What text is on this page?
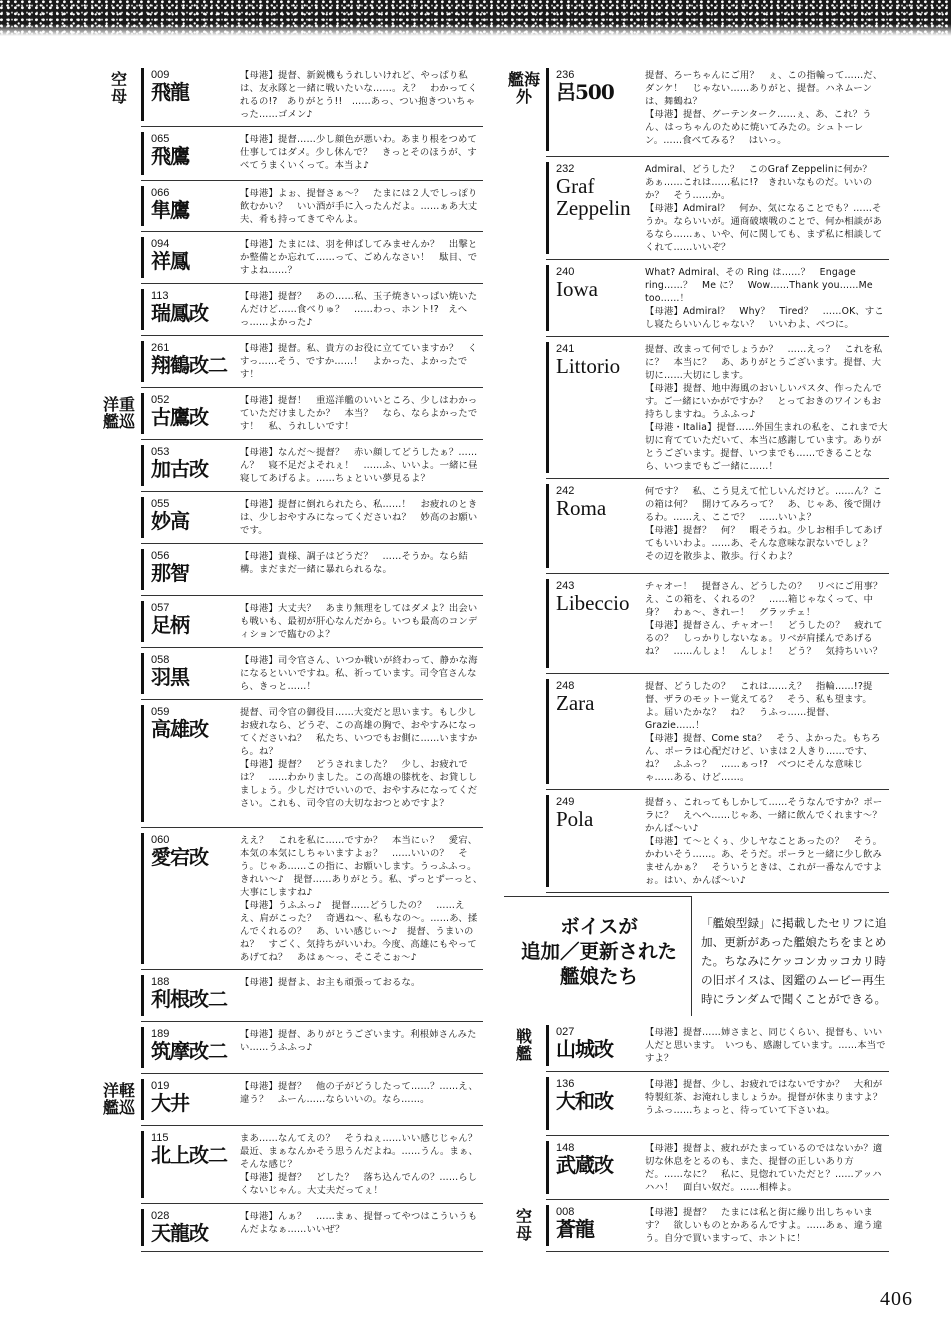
空
母
009
飛龍
【母港】提督、新鋭機もうれしいけれど、やっぱり私は、友永隊と一緒に戦いたいな……。え？　わかってくれるの!?　ありがとう!!　……あっ、つい抱きついちゃった……ゴメン♪
065
飛鷹
【母港】提督……少し顔色が悪いわ。あまり根をつめて仕事してはダメ。少し休んで？　きっとそのほうが、すべてうまくいくって。本当よ♪
066
隼鷹
【母港】よぉ、提督さぁ～？　たまには２人でしっぽり飲むかい？　いい酒が手に入ったんだよ。……ぁあ大丈夫、肴も持ってきてやんよ。
094
祥鳳
【母港】たまには、羽を伸ばしてみませんか？　出撃とか整備とか忘れて……って、ごめんなさい！　駄目、ですよね……？
113
瑞鳳改
【母港】提督？　あの……私、玉子焼きいっぱい焼いたんだけど……食べりゅ？　……わっ、ホント!?　えへっ……よかった♪
261
翔鶴改二
【母港】提督。私、貴方のお役に立てていますか？　くすっ……そう、ですか……！　よかった、よかったです！
洋重
艦巡
052
古鷹改
【母港】提督！　重巡洋艦のいいところ、少しはわかっていただけましたか？　本当？　なら、ならよかったです！　私、うれしいです！
053
加古改
【母港】なんだ～提督？　赤い顔してどうしたぁ？……ん？　寝不足だよそれぇ！　……ふ、いいよ。一緒に昼寝してあげるよ。……ちょといい夢見るよ？
055
妙高
【母港】提督に倒れられたら、私……！　お疲れのときは、少しおやすみになってくださいね？　妙高のお願いです。
056
那智
【母港】貴様、調子はどうだ？　……そうか。なら結構。まだまだ一緒に暴れられるな。
057
足柄
【母港】大丈夫？　あまり無理をしてはダメよ？出会いも戦いも、最初が肝心なんだから。いつも最高のコンディションで臨むのよ？
058
羽黒
【母港】司令官さん、いつか戦いが終わって、静かな海になるといいですね。私、祈っています。司令官さんなら、きっと……！
059
高雄改
提督、司令官の御役目……大変だと思います。もし少しお疲れなら、どうぞ、この高雄の胸で、おやすみになってくださいね？　私たち、いつでもお側に……いますから。ね？
【母港】提督？　どうされました？　少し、お疲れでは？　……わかりました。この高雄の膝枕を、お貸ししましょう。少しだけでいいので、おやすみになってください。これも、司令官の大切なおつとめですよ？
060
愛宕改
ええ？　これを私に……ですか？　本当にぃ？　愛宕、本気の本気にしちゃいますよぉ？　……いいの？　そう。じゃあ……この指に、お願いします。うっふふっ。きれい～♪　提督……ありがとう。私、ずっとずーっと、大事にしますね♪
【母港】うふふっ♪　提督……どうしたの？　……ええ、肩がこった？　奇遇ね～、私もなの～。……あ、揉んでくれるの？　あ、いい感じぃ～♪　提督、うまいのね？　すごく、気持ちがいいわ。今度、高雄にもやってあげてね？　あはぁ～っ、そこそこぉ～♪
188
利根改二
【母港】提督よ、お主も頑張っておるな。
189
筑摩改二
【母港】提督、ありがとうございます。利根姉さんみたい……うふふっ♪
洋軽
艦巡
019
大井
【母港】提督？　他の子がどうしたって……？……え、違う？　ふーん……ならいいの。なら……。
115
北上改二
まあ……なんてえの？　そうねぇ……いい感じじゃん？　最近、まぁなんかそう思うんだよね。……うん。まぁ、そんな感じ？
【母港】提督？　どした？　落ち込んでんの？……らしくないじゃん。大丈夫だってぇ！
028
天龍改
【母港】んぁ？　……まぁ、提督ってやつはこういうもんだよなぁ……いいぜ？
艦海
外
236
呂500
提督、ろーちゃんにご用？　ぇ、この指輪って……だ、ダンケ！　じゃない……ありがと、提督。ハネムーンは、舞鶴ね？
【母港】提督、グーテンターク……ぇ、あ、これ？うん、はっちゃんのために焼いてみたの。シュトーレン。……食べてみる？　はいっ。
232
Graf Zeppelin
Admiral、どうした？　このGraf Zeppelinに何か？　あぁ……これは……私に!?　きれいなものだ。いいのか？　そう……か。
【母港】Admiral？　何か、気になることでも？……そうか。ならいいが。通商破壊戦のことで、何か相談があるなら……ぁ、いや、何に関しても、まず私に相談してくれて……いいぞ？
240
Iowa
What? Admiral、その Ring は……？　Engage ring……？　Me に？　Wow……Thank you……Me too……！
【母港】Admiral？　Why？　Tired？　……OK、すこし寝たらいいんじゃない？　いいわよ、べつに。
241
Littorio
提督、改まって何でしょうか？　……えっ？　これを私に？　本当に？　あ、ありがとうございます。提督、大切に……大切にします。
【母港】提督、地中海風のおいしいパスタ、作ったんです。ご一緒にいかがですか？　とっておきのワインもお持ちしますね。うふふっ♪
【母港・Italia】提督……外国生まれの私を、これまで大切に育てていただいて、本当に感謝しています。ありがとうございます。提督、いつまでも……できることなら、いつまでもご一緒に……！
242
Roma
何です？　私、こう見えて忙しいんだけど。……ん？この箱は何？　開けてみろって？　あ、じゃあ、後で開けるわ。……え、ここで？　……いいよ？
【母港】提督？　何？　暇そうね。少しお相手してあげてもいいわよ。……あ、そんな意味な訳ないでしょ？　その辺を散歩よ、散歩。行くわよ？
243
Libeccio
チャオー！　提督さん、どうしたの？　リベにご用事？　え、この箱を、くれるの？　……箱じゃなくって、中身？　わぁ～、きれー！　グラッチェ！
【母港】提督さん、チャオー！　どうしたの？　疲れてるの？　しっかりしないなぁ。リベが肩揉んであげるね？　……んしょ！　んしょ！　どう？　気持ちいい？
248
Zara
提督、どうしたの？　これは……え？　指輪……!?提督、ザラのモットー覚えてる？　そう、私も望ます。よ。届いたかな？　ね？　うふっ……提督、Grazie……！
【母港】提督、Come sta？　そう、よかった。もちろん、ポーラは心配だけど、いまは２人きり……です、ね？　ふふっ？　……ぁっ!?　べつにそんな意味じゃ……ある、けど……。
249
Pola
提督ぅ、これってもしかして……そうなんですか？ポーラに？　えへへ……じゃあ、一緒に飲んでくれます～？　かんぱ～い♪
【母港】て～とくぅ、少しヤなことあったの？　そう。かわいそう……。あ、そうだ。ポーラと一緒に少し飲みませんかぁ？　そういうときは、これが一番なんですよぉ。はい、かんぱ～い♪
戦
艦
027
山城改
【母港】提督……姉さまと、同じくらい、提督も、いい人だと思います。　いつも、感謝しています。……本当ですよ？
136
大和改
【母港】提督、少し、お疲れではないですか？　大和が特製紅茶、お淹れしましょうか。提督が休まりますよ？　うふっ……ちょっと、待っていて下さいね。
148
武蔵改
【母港】提督よ、疲れがたまっているのではないか？適切な休息をとるのも、また、提督の正しいあり方だ。……なに？　私に、見惚れていただと？……アッハハハ！　面白い奴だ。……相棒よ。
空
母
008
蒼龍
【母港】提督？　たまには私と街に繰り出しちゃいます？　欲しいものとかあるんですよ。……あぁ、違う違う。自分で買いますって、ホントに！
ボイスが
追加／更新された
艦娘たち
「艦娘型録」に掲載したセリフに追加、更新があった艦娘たちをまとめた。ちなみにケッコンカッコカリ時の旧ボイスは、図鑑のムービー再生時にランダムで聞くことができる。
406
